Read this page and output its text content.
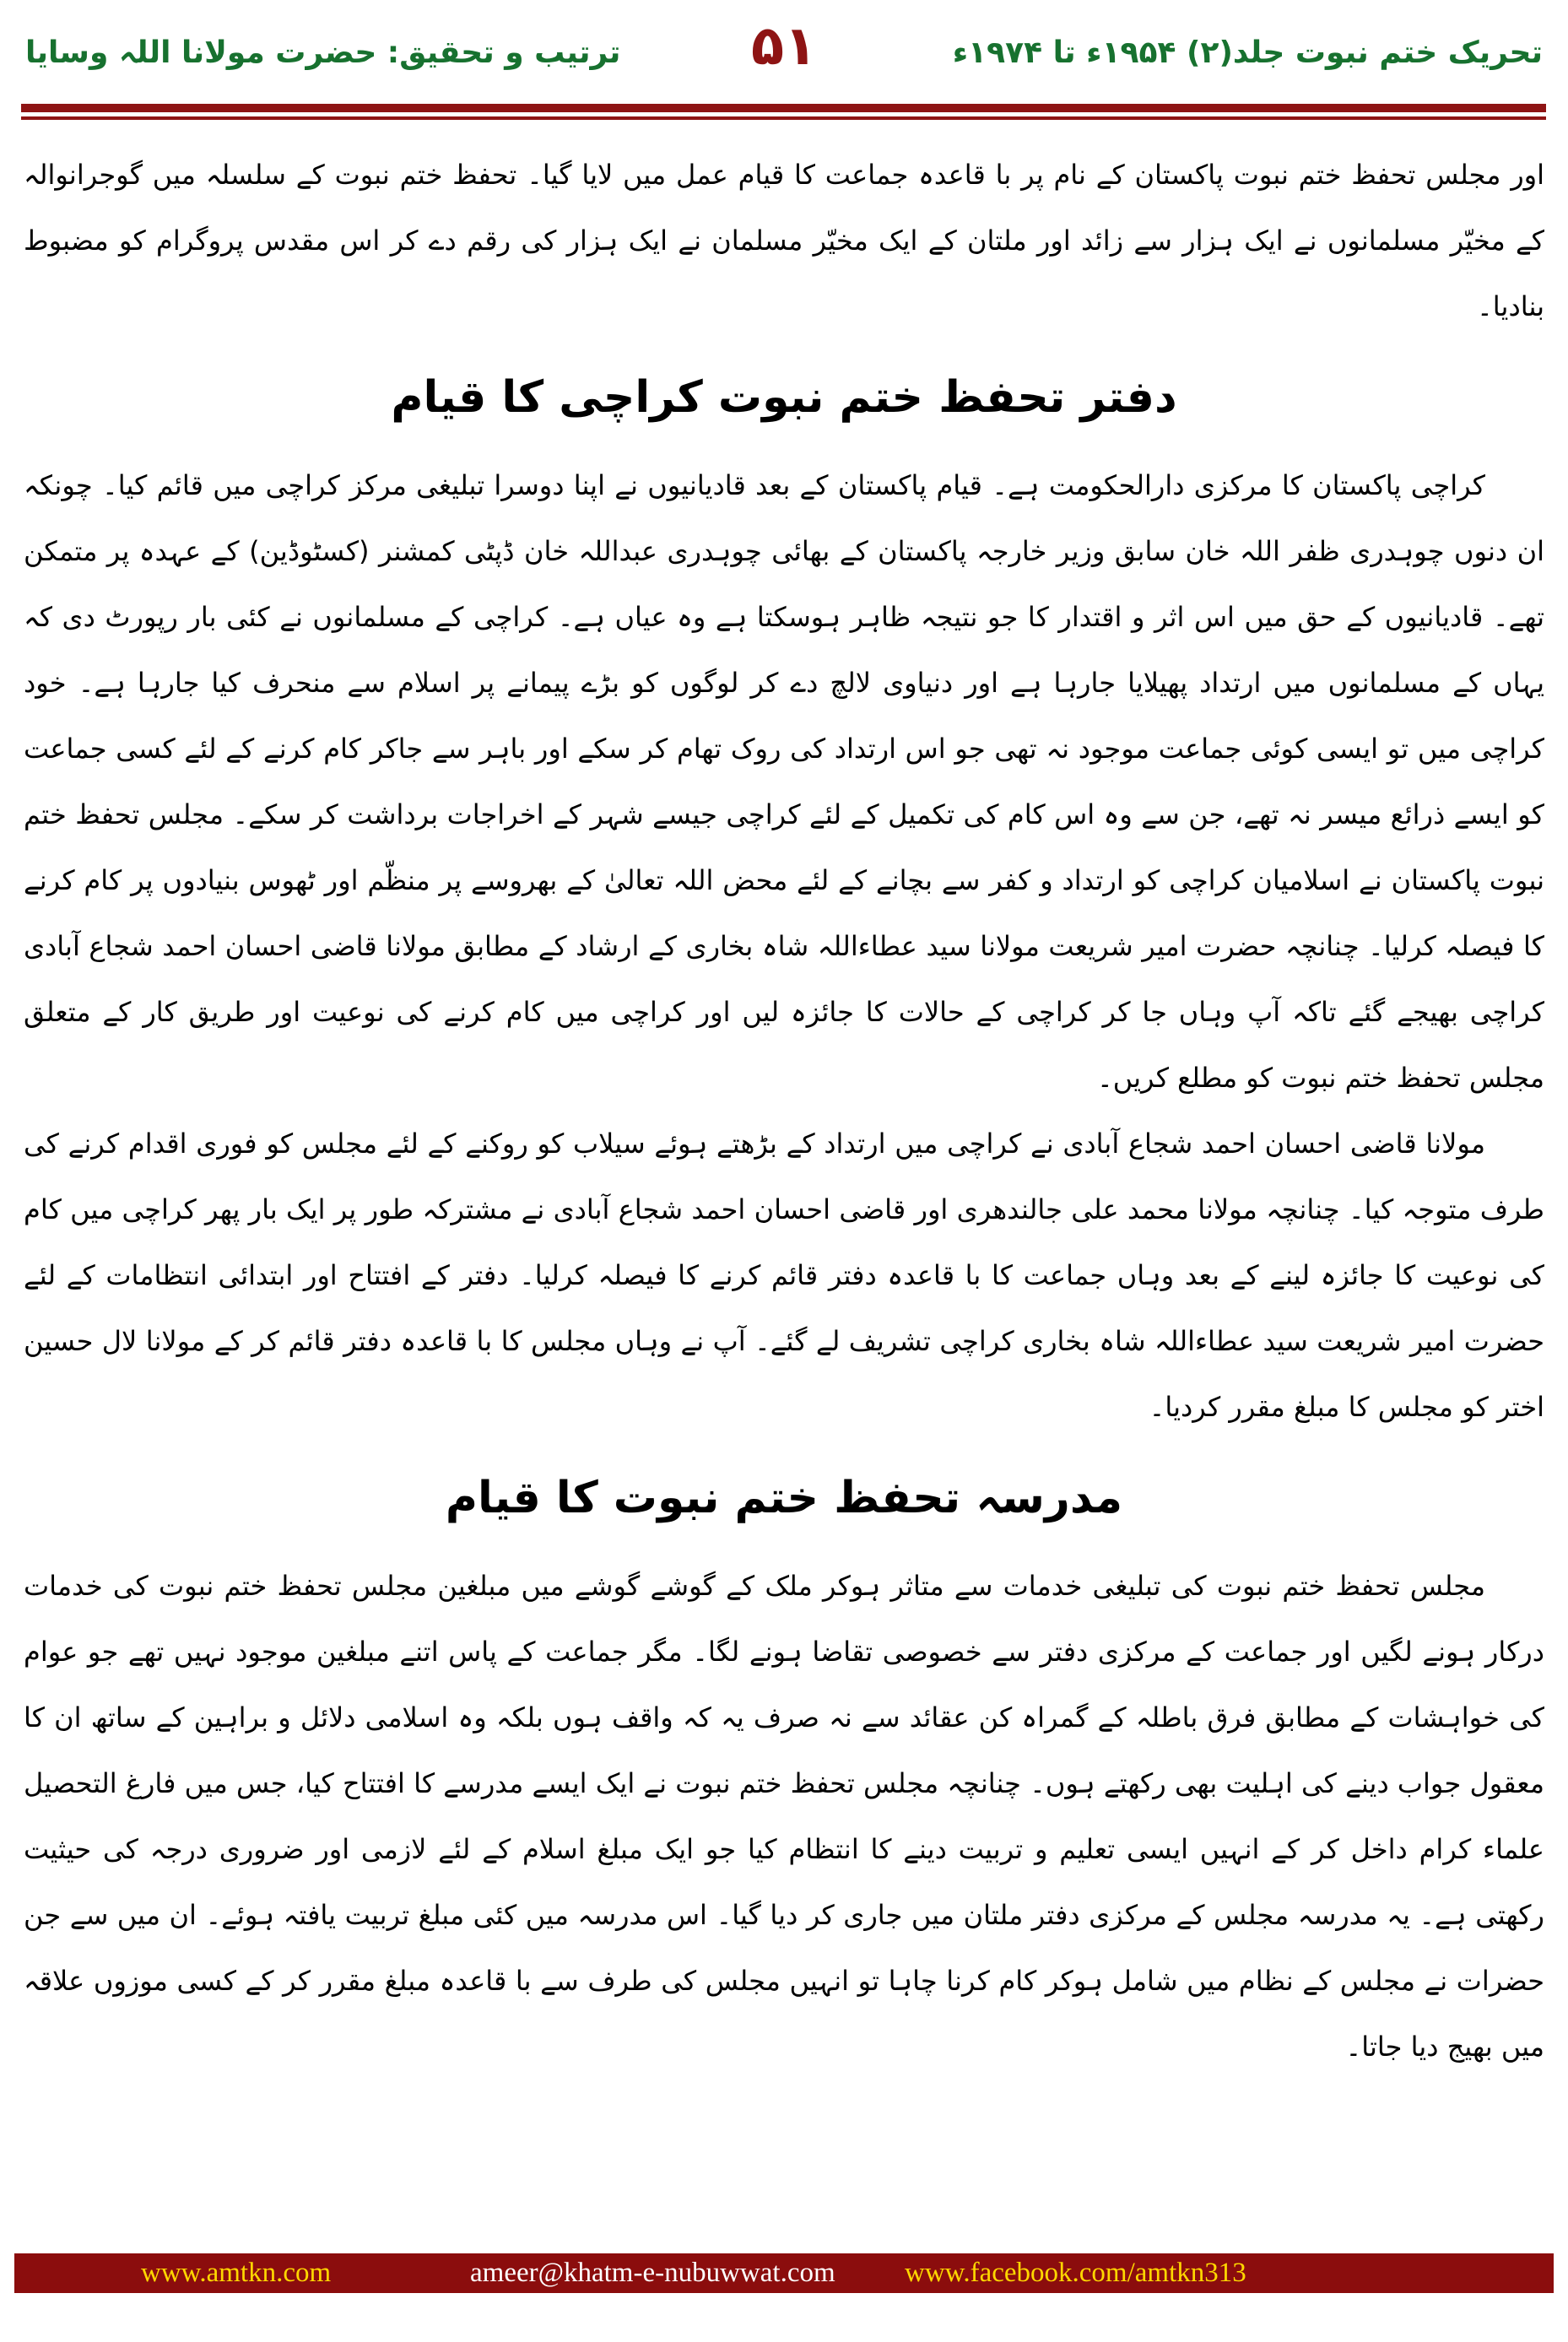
ترتیب و تحقیق: حضرت مولانا اللہ وسایا	۵۱	تحریک ختم نبوت جلد(۲) ۱۹۵۴ء تا ۱۹۷۴ء
اور مجلس تحفظ ختم نبوت پاکستان کے نام پر با قاعدہ جماعت کا قیام عمل میں لایا گیا۔ تحفظ ختم نبوت کے سلسلہ میں گوجرانوالہ کے مخیّر مسلمانوں نے ایک ہزار سے زائد اور ملتان کے ایک مخیّر مسلمان نے ایک ہزار کی رقم دے کر اس مقدس پروگرام کو مضبوط بنادیا۔
دفتر تحفظ ختم نبوت کراچی کا قیام
کراچی پاکستان کا مرکزی دارالحکومت ہے۔ قیام پاکستان کے بعد قادیانیوں نے اپنا دوسرا تبلیغی مرکز کراچی میں قائم کیا۔ چونکہ ان دنوں چوہدری ظفر اللہ خان سابق وزیر خارجہ پاکستان کے بھائی چوہدری عبداللہ خان ڈپٹی کمشنر (کسٹوڈین) کے عہدہ پر متمکن تھے۔ قادیانیوں کے حق میں اس اثر و اقتدار کا جو نتیجہ ظاہر ہوسکتا ہے وہ عیاں ہے۔ کراچی کے مسلمانوں نے کئی بار رپورٹ دی کہ یہاں کے مسلمانوں میں ارتداد پھیلایا جارہا ہے اور دنیاوی لالچ دے کر لوگوں کو بڑے پیمانے پر اسلام سے منحرف کیا جارہا ہے۔ خود کراچی میں تو ایسی کوئی جماعت موجود نہ تھی جو اس ارتداد کی روک تھام کر سکے اور باہر سے جاکر کام کرنے کے لئے کسی جماعت کو ایسے ذرائع میسر نہ تھے، جن سے وہ اس کام کی تکمیل کے لئے کراچی جیسے شہر کے اخراجات برداشت کر سکے۔ مجلس تحفظ ختم نبوت پاکستان نے اسلامیان کراچی کو ارتداد و کفر سے بچانے کے لئے محض اللہ تعالیٰ کے بھروسے پر منظّم اور ٹھوس بنیادوں پر کام کرنے کا فیصلہ کرلیا۔ چنانچہ حضرت امیر شریعت مولانا سید عطاءاللہ شاہ بخاری کے ارشاد کے مطابق مولانا قاضی احسان احمد شجاع آبادی کراچی بھیجے گئے تاکہ آپ وہاں جا کر کراچی کے حالات کا جائزہ لیں اور کراچی میں کام کرنے کی نوعیت اور طریق کار کے متعلق مجلس تحفظ ختم نبوت کو مطلع کریں۔
مولانا قاضی احسان احمد شجاع آبادی نے کراچی میں ارتداد کے بڑھتے ہوئے سیلاب کو روکنے کے لئے مجلس کو فوری اقدام کرنے کی طرف متوجہ کیا۔ چنانچہ مولانا محمد علی جالندھری اور قاضی احسان احمد شجاع آبادی نے مشترکہ طور پر ایک بار پھر کراچی میں کام کی نوعیت کا جائزہ لینے کے بعد وہاں جماعت کا با قاعدہ دفتر قائم کرنے کا فیصلہ کرلیا۔ دفتر کے افتتاح اور ابتدائی انتظامات کے لئے حضرت امیر شریعت سید عطاءاللہ شاہ بخاری کراچی تشریف لے گئے۔ آپ نے وہاں مجلس کا با قاعدہ دفتر قائم کر کے مولانا لال حسین اختر کو مجلس کا مبلغ مقرر کردیا۔
مدرسہ تحفظ ختم نبوت کا قیام
مجلس تحفظ ختم نبوت کی تبلیغی خدمات سے متاثر ہوکر ملک کے گوشے گوشے میں مبلغین مجلس تحفظ ختم نبوت کی خدمات درکار ہونے لگیں اور جماعت کے مرکزی دفتر سے خصوصی تقاضا ہونے لگا۔ مگر جماعت کے پاس اتنے مبلغین موجود نہیں تھے جو عوام کی خواہشات کے مطابق فرق باطلہ کے گمراہ کن عقائد سے نہ صرف یہ کہ واقف ہوں بلکہ وہ اسلامی دلائل و براہین کے ساتھ ان کا معقول جواب دینے کی اہلیت بھی رکھتے ہوں۔ چنانچہ مجلس تحفظ ختم نبوت نے ایک ایسے مدرسے کا افتتاح کیا، جس میں فارغ التحصیل علماء کرام داخل کر کے انہیں ایسی تعلیم و تربیت دینے کا انتظام کیا جو ایک مبلغ اسلام کے لئے لازمی اور ضروری درجہ کی حیثیت رکھتی ہے۔ یہ مدرسہ مجلس کے مرکزی دفتر ملتان میں جاری کر دیا گیا۔ اس مدرسہ میں کئی مبلغ تربیت یافتہ ہوئے۔ ان میں سے جن حضرات نے مجلس کے نظام میں شامل ہوکر کام کرنا چاہا تو انہیں مجلس کی طرف سے با قاعدہ مبلغ مقرر کر کے کسی موزوں علاقہ میں بھیج دیا جاتا۔
www.amtkn.com	ameer@khatm-e-nubuwwat.com www.facebook.com/amtkn313
